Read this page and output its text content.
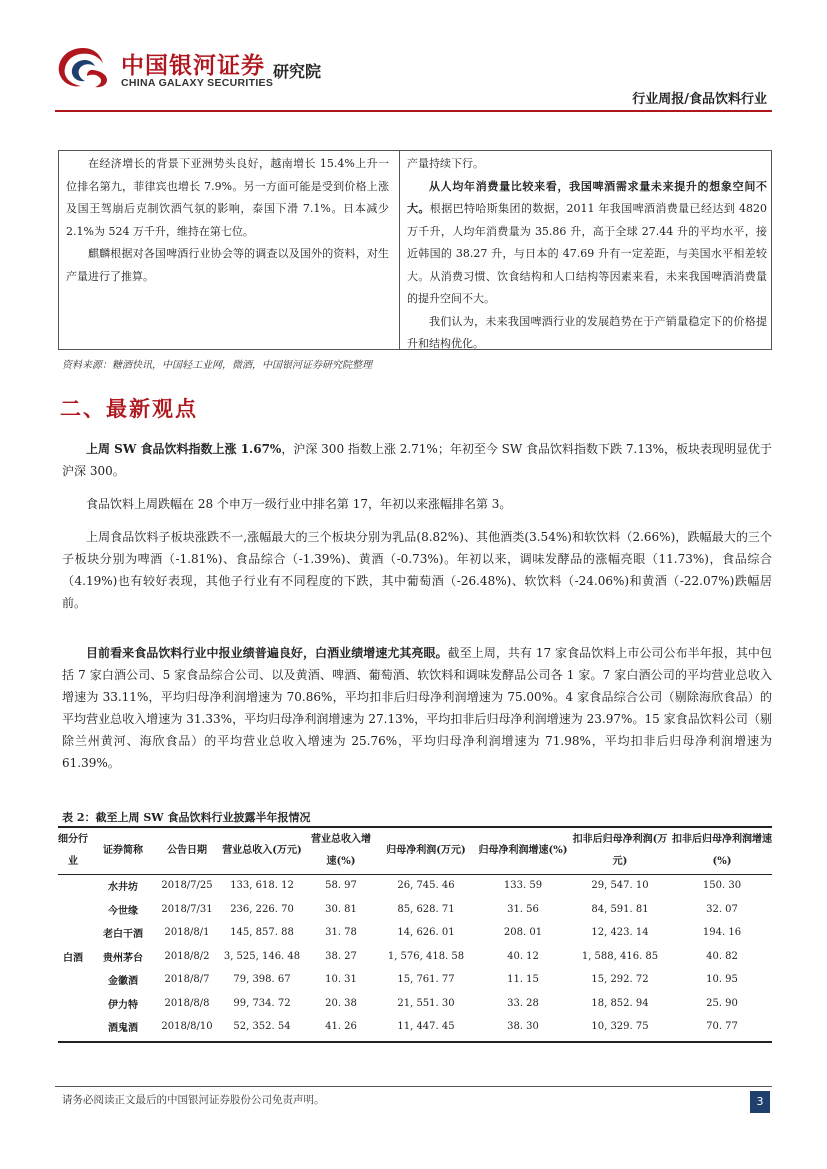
中国银河证券
CHINA GALAXY SECURITIES
研究院
行业周报/食品饮料行业

在经济增长的背景下亚洲势头良好，越南增长 15.4%上升一位排名第九，菲律宾也增长 7.9%。另一方面可能是受到价格上涨及国王驾崩后克制饮酒气氛的影响，泰国下滑 7.1%。日本减少 2.1%为 524 万千升，维持在第七位。

麒麟根据对各国啤酒行业协会等的调查以及国外的资料，对生产量进行了推算。

产量持续下行。

从人均年消费量比较来看，我国啤酒需求量未来提升的想象空间不大。根据巴特哈斯集团的数据，2011 年我国啤酒消费量已经达到 4820 万千升，人均年消费量为 35.86 升，高于全球 27.44 升的平均水平，接近韩国的 38.27 升，与日本的 47.69 升有一定差距，与美国水平相差较大。从消费习惯、饮食结构和人口结构等因素来看，未来我国啤酒消费量的提升空间不大。

我们认为，未来我国啤酒行业的发展趋势在于产销量稳定下的价格提升和结构优化。

资料来源：糖酒快讯，中国轻工业网，微酒，中国银河证券研究院整理
二、最新观点

上周 SW 食品饮料指数上涨 1.67%，沪深 300 指数上涨 2.71%；年初至今 SW 食品饮料指数下跌 7.13%，板块表现明显优于沪深 300。

食品饮料上周跌幅在 28 个申万一级行业中排名第 17，年初以来涨幅排名第 3。

上周食品饮料子板块涨跌不一,涨幅最大的三个板块分别为乳品(8.82%)、其他酒类(3.54%)和软饮料（2.66%)，跌幅最大的三个子板块分别为啤酒（-1.81%)、食品综合（-1.39%)、黄酒（-0.73%)。年初以来，调味发酵品的涨幅亮眼（11.73%)，食品综合（4.19%)也有较好表现，其他子行业有不同程度的下跌，其中葡萄酒（-26.48%)、软饮料（-24.06%)和黄酒（-22.07%)跌幅居前。

目前看来食品饮料行业中报业绩普遍良好，白酒业绩增速尤其亮眼。截至上周，共有 17 家食品饮料上市公司公布半年报，其中包括 7 家白酒公司、5 家食品综合公司、以及黄酒、啤酒、葡萄酒、软饮料和调味发酵品公司各 1 家。7 家白酒公司的平均营业总收入增速为 33.11%，平均归母净利润增速为 70.86%，平均扣非后归母净利润增速为 75.00%。4 家食品综合公司（剔除海欣食品）的平均营业总收入增速为 31.33%，平均归母净利润增速为 27.13%，平均扣非后归母净利润增速为 23.97%。15 家食品饮料公司（剔除兰州黄河、海欣食品）的平均营业总收入增速为 25.76%，平均归母净利润增速为 71.98%，平均扣非后归母净利润增速为 61.39%。

表 2：截至上周 SW 食品饮料行业披露半年报情况
细分行业	证券简称	公告日期	营业总收入(万元)	营业总收入增速(%)	归母净利润(万元)	归母净利润增速(%)	扣非后归母净利润(万元)	扣非后归母净利润增速(%)
白酒	水井坊	2018/7/25	133, 618. 12	58. 97	26, 745. 46	133. 59	29, 547. 10	150. 30
	今世缘	2018/7/31	236, 226. 70	30. 81	85, 628. 71	31. 56	84, 591. 81	32. 07
	老白干酒	2018/8/1	145, 857. 88	31. 78	14, 626. 01	208. 01	12, 423. 14	194. 16
	贵州茅台	2018/8/2	3, 525, 146. 48	38. 27	1, 576, 418. 58	40. 12	1, 588, 416. 85	40. 82
	金徽酒	2018/8/7	79, 398. 67	10. 31	15, 761. 77	11. 15	15, 292. 72	10. 95
	伊力特	2018/8/8	99, 734. 72	20. 38	21, 551. 30	33. 28	18, 852. 94	25. 90
	酒鬼酒	2018/8/10	52, 352. 54	41. 26	11, 447. 45	38. 30	10, 329. 75	70. 77
请务必阅读正文最后的中国银河证券股份公司免责声明。	3
